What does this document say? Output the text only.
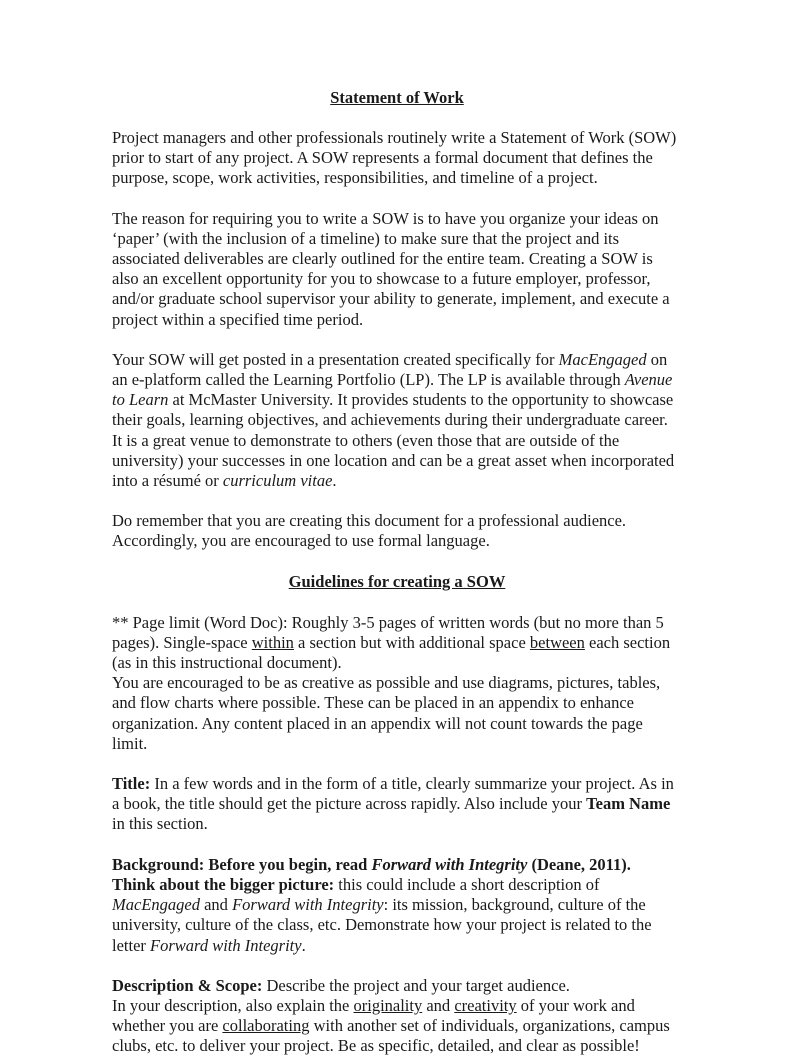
Statement of Work

Project managers and other professionals routinely write a Statement of Work (SOW) prior to start of any project. A SOW represents a formal document that defines the purpose, scope, work activities, responsibilities, and timeline of a project.

The reason for requiring you to write a SOW is to have you organize your ideas on ‘paper’ (with the inclusion of a timeline) to make sure that the project and its associated deliverables are clearly outlined for the entire team. Creating a SOW is also an excellent opportunity for you to showcase to a future employer, professor, and/or graduate school supervisor your ability to generate, implement, and execute a project within a specified time period.

Your SOW will get posted in a presentation created specifically for MacEngaged on an e-platform called the Learning Portfolio (LP). The LP is available through Avenue to Learn at McMaster University. It provides students to the opportunity to showcase their goals, learning objectives, and achievements during their undergraduate career. It is a great venue to demonstrate to others (even those that are outside of the university) your successes in one location and can be a great asset when incorporated into a résumé or curriculum vitae.

Do remember that you are creating this document for a professional audience. Accordingly, you are encouraged to use formal language.

Guidelines for creating a SOW

** Page limit (Word Doc): Roughly 3-5 pages of written words (but no more than 5 pages). Single-space within a section but with additional space between each section (as in this instructional document).

You are encouraged to be as creative as possible and use diagrams, pictures, tables, and flow charts where possible. These can be placed in an appendix to enhance organization. Any content placed in an appendix will not count towards the page limit.

Title: In a few words and in the form of a title, clearly summarize your project. As in a book, the title should get the picture across rapidly. Also include your Team Name in this section.

Background: Before you begin, read Forward with Integrity (Deane, 2011).

Think about the bigger picture: this could include a short description of MacEngaged and Forward with Integrity: its mission, background, culture of the university, culture of the class, etc. Demonstrate how your project is related to the letter Forward with Integrity.

Description & Scope: Describe the project and your target audience.

In your description, also explain the originality and creativity of your work and whether you are collaborating with another set of individuals, organizations, campus clubs, etc. to deliver your project. Be as specific, detailed, and clear as possible!
